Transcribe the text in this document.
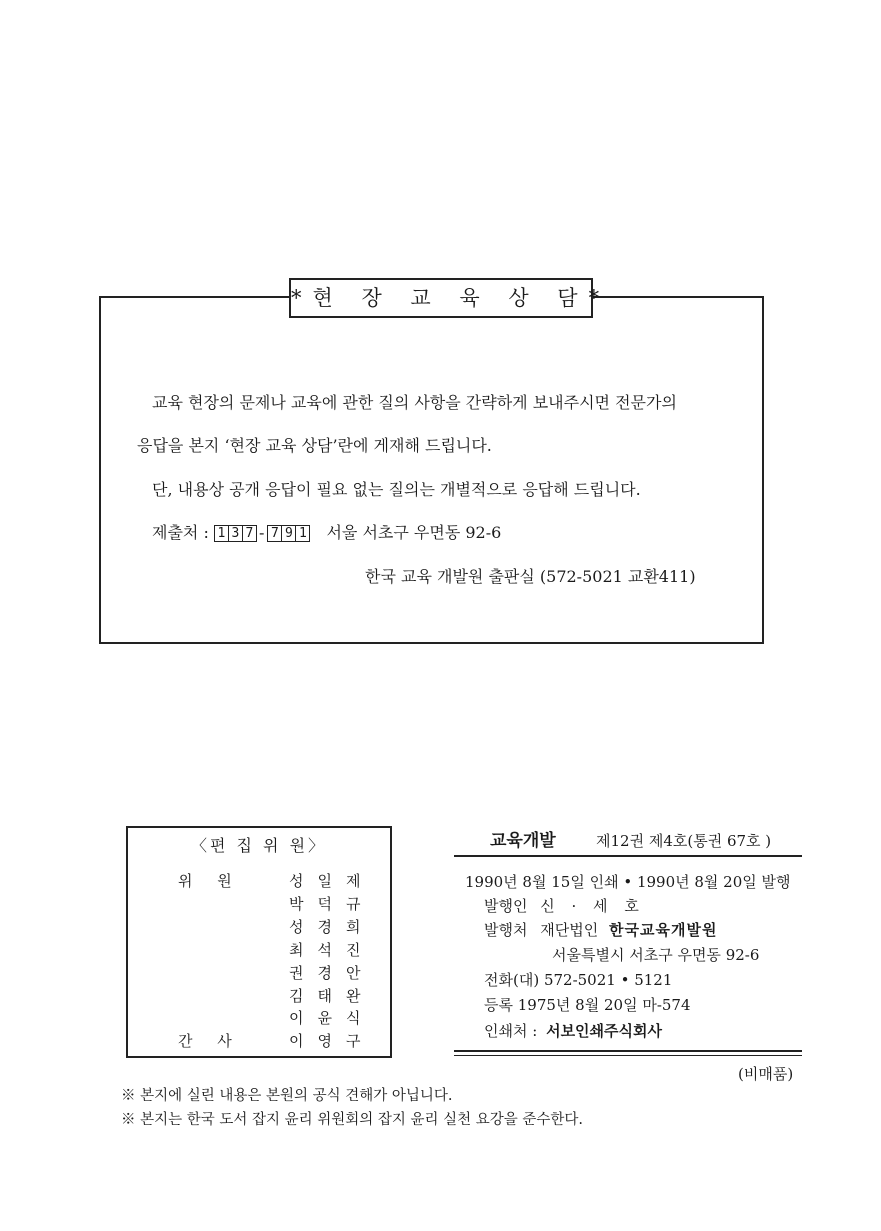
*현 장 교 육 상 담*
교육 현장의 문제나 교육에 관한 질의 사항을 간략하게 보내주시면 전문가의
응답을 본지 ‘현장 교육 상담’란에 게재해 드립니다.
단, 내용상 공개 응답이 필요 없는 질의는 개별적으로 응답해 드립니다.
제출처 : 1 3 7 - 7 9 1 서울 서초구 우면동 92-6
한국 교육 개발원 출판실 (572-5021 교환411)
〈편 집 위 원〉
위 원
간 사
성일제
박덕규
성경희
최석진
권경안
김태완
이윤식
이영구
교육개발	제12권 제4호(통권 67호 )
1990년 8월 15일 인쇄 • 1990년 8월 20일 발행
발행인 신 · 세 호
발행처 재단법인 한국교육개발원
서울특별시 서초구 우면동 92-6
전화(대) 572-5021 • 5121
등록 1975년 8월 20일 마-574
인쇄처 : 서보인쇄주식회사
(비매품)
※ 본지에 실린 내용은 본원의 공식 견해가 아닙니다.
※ 본지는 한국 도서 잡지 윤리 위원회의 잡지 윤리 실천 요강을 준수한다.
